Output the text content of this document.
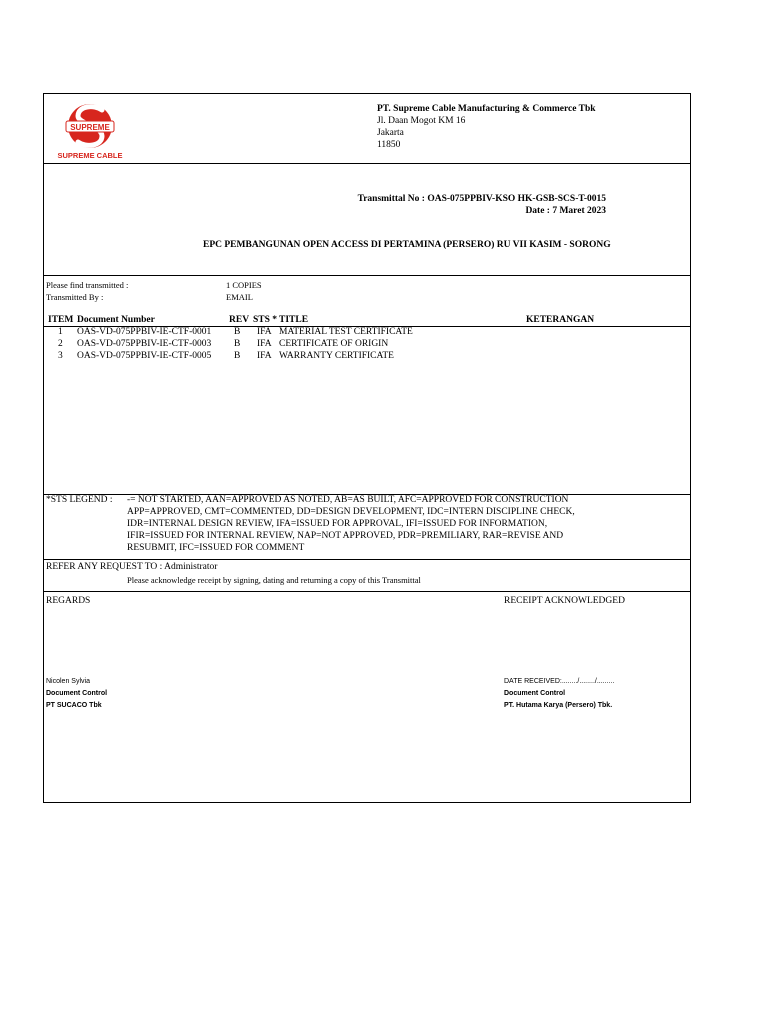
SUPREME
SUPREME CABLE
PT. Supreme Cable Manufacturing & Commerce Tbk
Jl. Daan Mogot KM 16
Jakarta
11850
Transmittal No : OAS-075PPBIV-KSO HK-GSB-SCS-T-0015
Date : 7 Maret 2023
EPC PEMBANGUNAN OPEN ACCESS DI PERTAMINA (PERSERO) RU VII KASIM - SORONG
Please find transmitted :	1 COPIES
Transmitted By :	EMAIL
ITEM Document Number	REV STS * TITLE	KETERANGAN
1 OAS-VD-075PPBIV-IE-CTF-0001 B IFA MATERIAL TEST CERTIFICATE
2 OAS-VD-075PPBIV-IE-CTF-0003 B IFA CERTIFICATE OF ORIGIN
3 OAS-VD-075PPBIV-IE-CTF-0005 B IFA WARRANTY CERTIFICATE
*STS LEGEND : -= NOT STARTED, AAN=APPROVED AS NOTED, AB=AS BUILT, AFC=APPROVED FOR CONSTRUCTION
APP=APPROVED, CMT=COMMENTED, DD=DESIGN DEVELOPMENT, IDC=INTERN DISCIPLINE CHECK,
IDR=INTERNAL DESIGN REVIEW, IFA=ISSUED FOR APPROVAL, IFI=ISSUED FOR INFORMATION,
IFIR=ISSUED FOR INTERNAL REVIEW, NAP=NOT APPROVED, PDR=PREMILIARY, RAR=REVISE AND
RESUBMIT, IFC=ISSUED FOR COMMENT
REFER ANY REQUEST TO : Administrator
Please acknowledge receipt by signing, dating and returning a copy of this Transmittal
REGARDS	RECEIPT ACKNOWLEDGED
Nicolen Sylvia
Document Control
PT SUCACO Tbk
DATE RECEIVED:......../......../.........
Document Control
PT. Hutama Karya (Persero) Tbk.
